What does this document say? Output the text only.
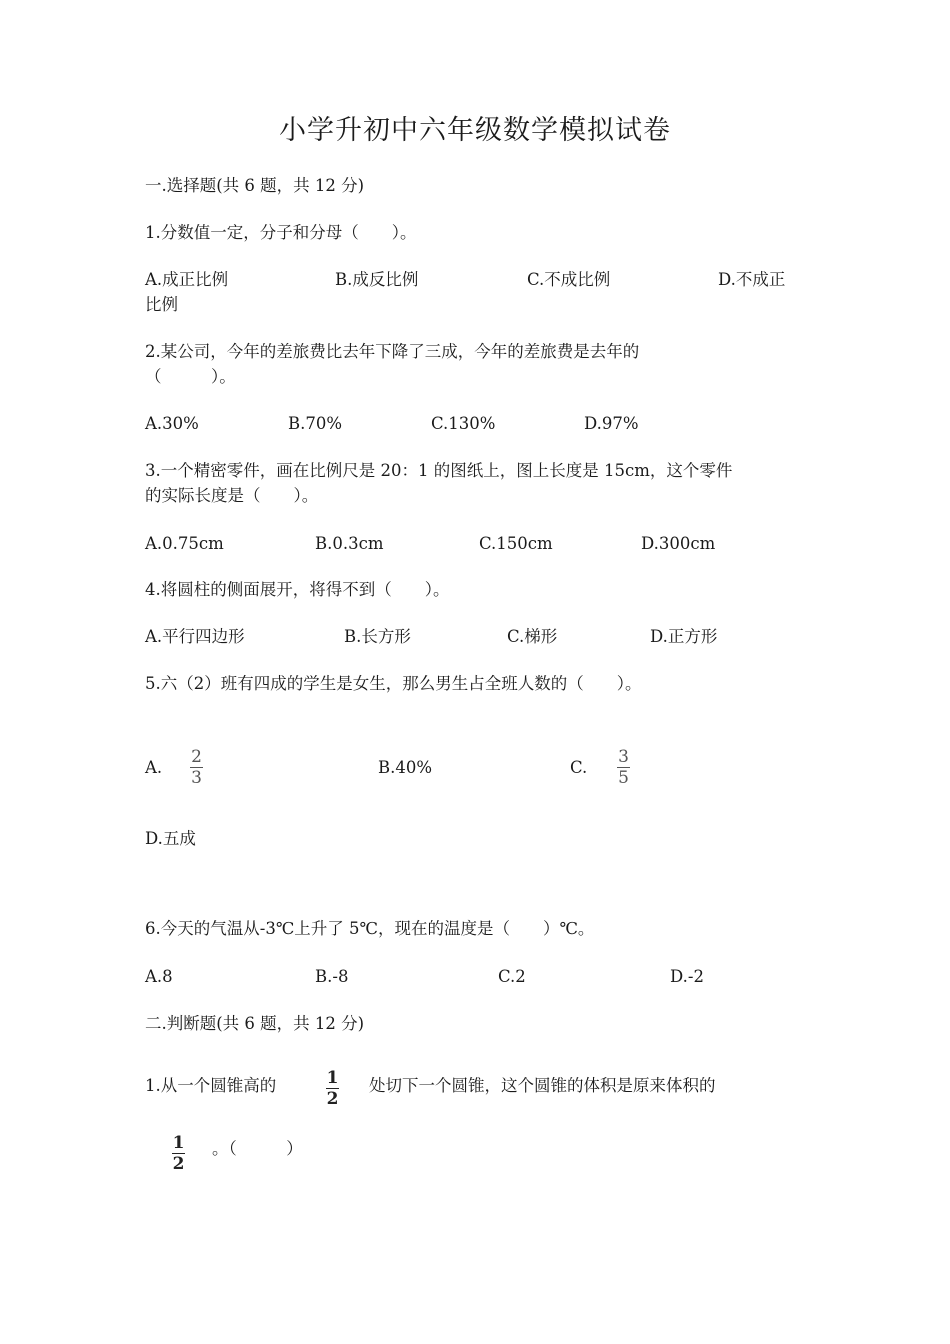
小学升初中六年级数学模拟试卷
一.选择题(共 6 题，共 12 分)
1.分数值一定，分子和分母（　　）。
A.成正比例	B.成反比例	C.不成比例	D.不成正
比例
2.某公司，今年的差旅费比去年下降了三成，今年的差旅费是去年的
（　　　）。
A.30%	B.70%	C.130%	D.97%
3.一个精密零件，画在比例尺是 20：1 的图纸上，图上长度是 15cm，这个零件
的实际长度是（　　）。
A.0.75cm	B.0.3cm	C.150cm	D.300cm
4.将圆柱的侧面展开，将得不到（　　）。
A.平行四边形	B.长方形	C.梯形	D.正方形
5.六（2）班有四成的学生是女生，那么男生占全班人数的（　　）。
A.
2
3
B.40%	C.
3
5
D.五成
6.今天的气温从-3℃上升了 5℃，现在的温度是（　　）℃。
A.8	B.-8	C.2	D.-2
二.判断题(共 6 题，共 12 分)
1.从一个圆锥高的	1
2
处切下一个圆锥，这个圆锥的体积是原来体积的
1
2
。（　　　）
